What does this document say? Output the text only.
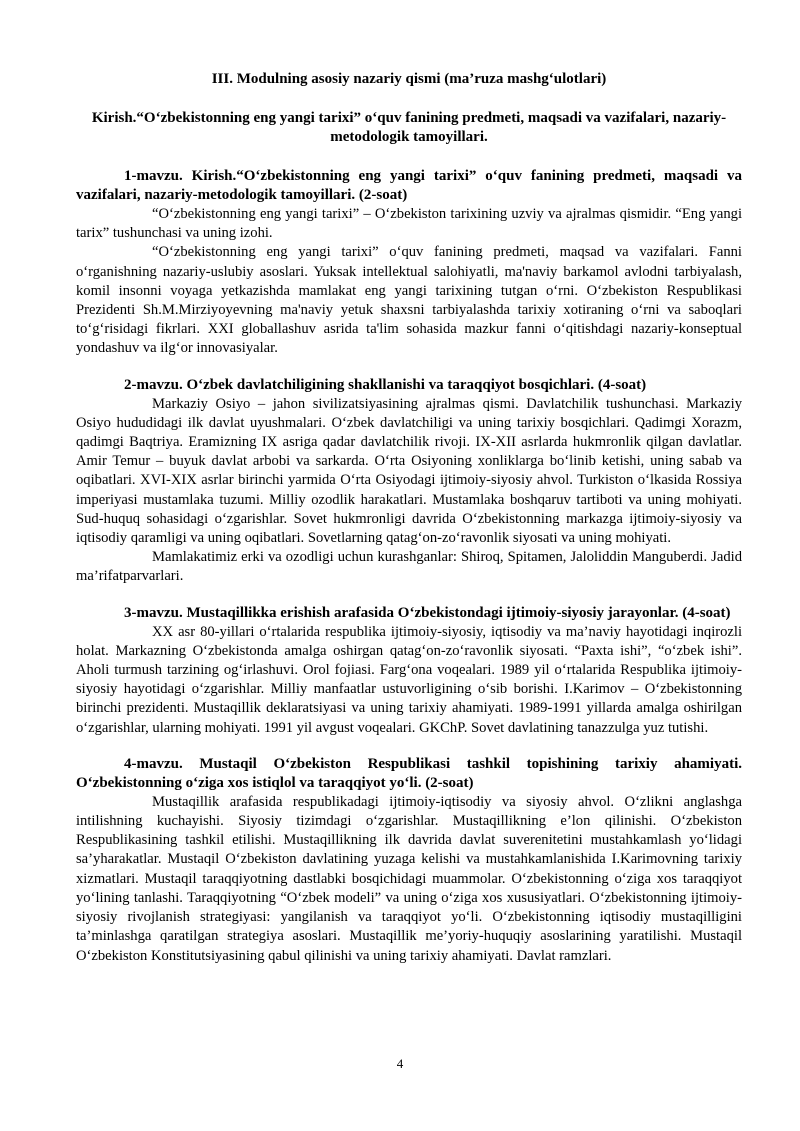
III. Modulning asosiy nazariy qismi (ma’ruza mashg‘ulotlari)

Kirish.“O‘zbekistonning eng yangi tarixi” o‘quv fanining predmeti, maqsadi va vazifalari, nazariy-metodologik tamoyillari.

1-mavzu. Kirish.“O‘zbekistonning eng yangi tarixi” o‘quv fanining predmeti, maqsadi va vazifalari, nazariy-metodologik tamoyillari. (2-soat)

“O‘zbekistonning eng yangi tarixi” – O‘zbekiston tarixining uzviy va ajralmas qismidir. “Eng yangi tarix” tushunchasi va uning izohi.

“O‘zbekistonning eng yangi tarixi” o‘quv fanining predmeti, maqsad va vazifalari. Fanni o‘rganishning nazariy-uslubiy asoslari. Yuksak intellektual salohiyatli, ma'naviy barkamol avlodni tarbiyalash, komil insonni voyaga yetkazishda mamlakat eng yangi tarixining tutgan o‘rni. O‘zbekiston Respublikasi Prezidenti Sh.M.Mirziyoyevning ma'naviy yetuk shaxsni tarbiyalashda tarixiy xotiraning o‘rni va saboqlari to‘g‘risidagi fikrlari. XXI globallashuv asrida ta'lim sohasida mazkur fanni o‘qitishdagi nazariy-konseptual yondashuv va ilg‘or innovasiyalar.

2-mavzu. O‘zbek davlatchiligining shakllanishi va taraqqiyot bosqichlari. (4-soat)

Markaziy Osiyo – jahon sivilizatsiyasining ajralmas qismi. Davlatchilik tushunchasi. Markaziy Osiyo hududidagi ilk davlat uyushmalari. O‘zbek davlatchiligi va uning tarixiy bosqichlari. Qadimgi Xorazm, qadimgi Baqtriya. Eramizning IX asriga qadar davlatchilik rivoji. IX-XII asrlarda hukmronlik qilgan davlatlar. Amir Temur – buyuk davlat arbobi va sarkarda. O‘rta Osiyoning xonliklarga bo‘linib ketishi, uning sabab va oqibatlari. XVI-XIX asrlar birinchi yarmida O‘rta Osiyodagi ijtimoiy-siyosiy ahvol. Turkiston o‘lkasida Rossiya imperiyasi mustamlaka tuzumi. Milliy ozodlik harakatlari. Mustamlaka boshqaruv tartiboti va uning mohiyati. Sud-huquq sohasidagi o‘zgarishlar. Sovet hukmronligi davrida O‘zbekistonning markazga ijtimoiy-siyosiy va iqtisodiy qaramligi va uning oqibatlari. Sovetlarning qatag‘on-zo‘ravonlik siyosati va uning mohiyati.

Mamlakatimiz erki va ozodligi uchun kurashganlar: Shiroq, Spitamen, Jaloliddin Manguberdi. Jadid ma’rifatparvarlari.

3-mavzu. Mustaqillikka erishish arafasida O‘zbekistondagi ijtimoiy-siyosiy jarayonlar. (4-soat)

XX asr 80-yillari o‘rtalarida respublika ijtimoiy-siyosiy, iqtisodiy va ma’naviy hayotidagi inqirozli holat. Markazning O‘zbekistonda amalga oshirgan qatag‘on-zo‘ravonlik siyosati. “Paxta ishi”, “o‘zbek ishi”. Aholi turmush tarzining og‘irlashuvi. Orol fojiasi. Farg‘ona voqealari. 1989 yil o‘rtalarida Respublika ijtimoiy-siyosiy hayotidagi o‘zgarishlar. Milliy manfaatlar ustuvorligining o‘sib borishi. I.Karimov – O‘zbekistonning birinchi prezidenti. Mustaqillik deklaratsiyasi va uning tarixiy ahamiyati. 1989-1991 yillarda amalga oshirilgan o‘zgarishlar, ularning mohiyati. 1991 yil avgust voqealari. GKChP. Sovet davlatining tanazzulga yuz tutishi.

4-mavzu. Mustaqil O‘zbekiston Respublikasi tashkil topishining tarixiy ahamiyati. O‘zbekistonning o‘ziga xos istiqlol va taraqqiyot yo‘li. (2-soat)

Mustaqillik arafasida respublikadagi ijtimoiy-iqtisodiy va siyosiy ahvol. O‘zlikni anglashga intilishning kuchayishi. Siyosiy tizimdagi o‘zgarishlar. Mustaqillikning e’lon qilinishi. O‘zbekiston Respublikasining tashkil etilishi. Mustaqillikning ilk davrida davlat suverenitetini mustahkamlash yo‘lidagi sa’yharakatlar. Mustaqil O‘zbekiston davlatining yuzaga kelishi va mustahkamlanishida I.Karimovning tarixiy xizmatlari. Mustaqil taraqqiyotning dastlabki bosqichidagi muammolar. O‘zbekistonning o‘ziga xos taraqqiyot yo‘lining tanlashi. Taraqqiyotning “O‘zbek modeli” va uning o‘ziga xos xususiyatlari. O‘zbekistonning ijtimoiy-siyosiy rivojlanish strategiyasi: yangilanish va taraqqiyot yo‘li. O‘zbekistonning iqtisodiy mustaqilligini ta’minlashga qaratilgan strategiya asoslari. Mustaqillik me’yoriy-huquqiy asoslarining yaratilishi. Mustaqil O‘zbekiston Konstitutsiyasining qabul qilinishi va uning tarixiy ahamiyati. Davlat ramzlari.

4
